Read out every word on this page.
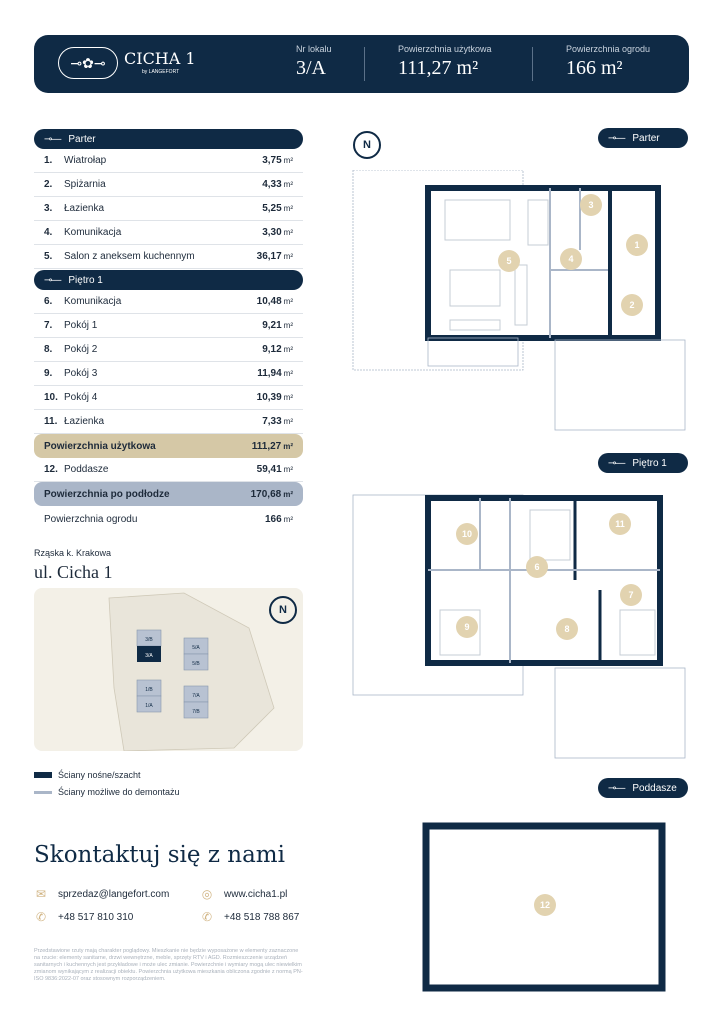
⊸✿⊸	CICHA 1
by LANGEFORT
Nr lokalu
3/A
Powierzchnia użytkowa
111,27 m²
Powierzchnia ogrodu
166 m²
⊸— Parter
1.	Wiatrołap	3,75 m²
2.	Spiżarnia	4,33 m²
3.	Łazienka	5,25 m²
4.	Komunikacja	3,30 m²
5.	Salon z aneksem kuchennym	36,17 m²
⊸— Piętro 1
6.	Komunikacja	10,48 m²
7.	Pokój 1	9,21 m²
8.	Pokój 2	9,12 m²
9.	Pokój 3	11,94 m²
10. Pokój 4	10,39 m²
11. Łazienka	7,33 m²
Powierzchnia użytkowa	111,27 m²
12. Poddasze	59,41 m²
Powierzchnia po podłodze	170,68 m²
Powierzchnia ogrodu	166 m²
Rząska k. Krakowa
ul. Cicha 1
3/B
3/A
5/A
5/B
1/B
1/A
7/A
7/B
N
Ściany nośne/szacht
Ściany możliwe do demontażu
Skontaktuj się z nami
✉ sprzedaz@langefort.com	◎ www.cicha1.pl
✆ +48 517 810 310	✆ +48 518 788 867
Przedstawione rzuty mają charakter poglądowy. Mieszkanie nie będzie wyposażone w elementy zaznaczone na rzucie: elementy sanitarne, drzwi wewnętrzne, meble, sprzęty RTV i AGD. Rozmieszczenie urządzeń sanitarnych i kuchennych jest przykładowe i może ulec zmianie. Powierzchnie i wymiary mogą ulec niewielkim zmianom wynikającym z realizacji obiektu. Powierzchnia użytkowa mieszkania obliczona zgodnie z normą PN-ISO 9836:2022-07 oraz stosownym rozporządzeniem.
N
⊸— Parter
1
2
3
4
5
⊸— Piętro 1
6
7
8
9
10
11
⊸— Poddasze
12
